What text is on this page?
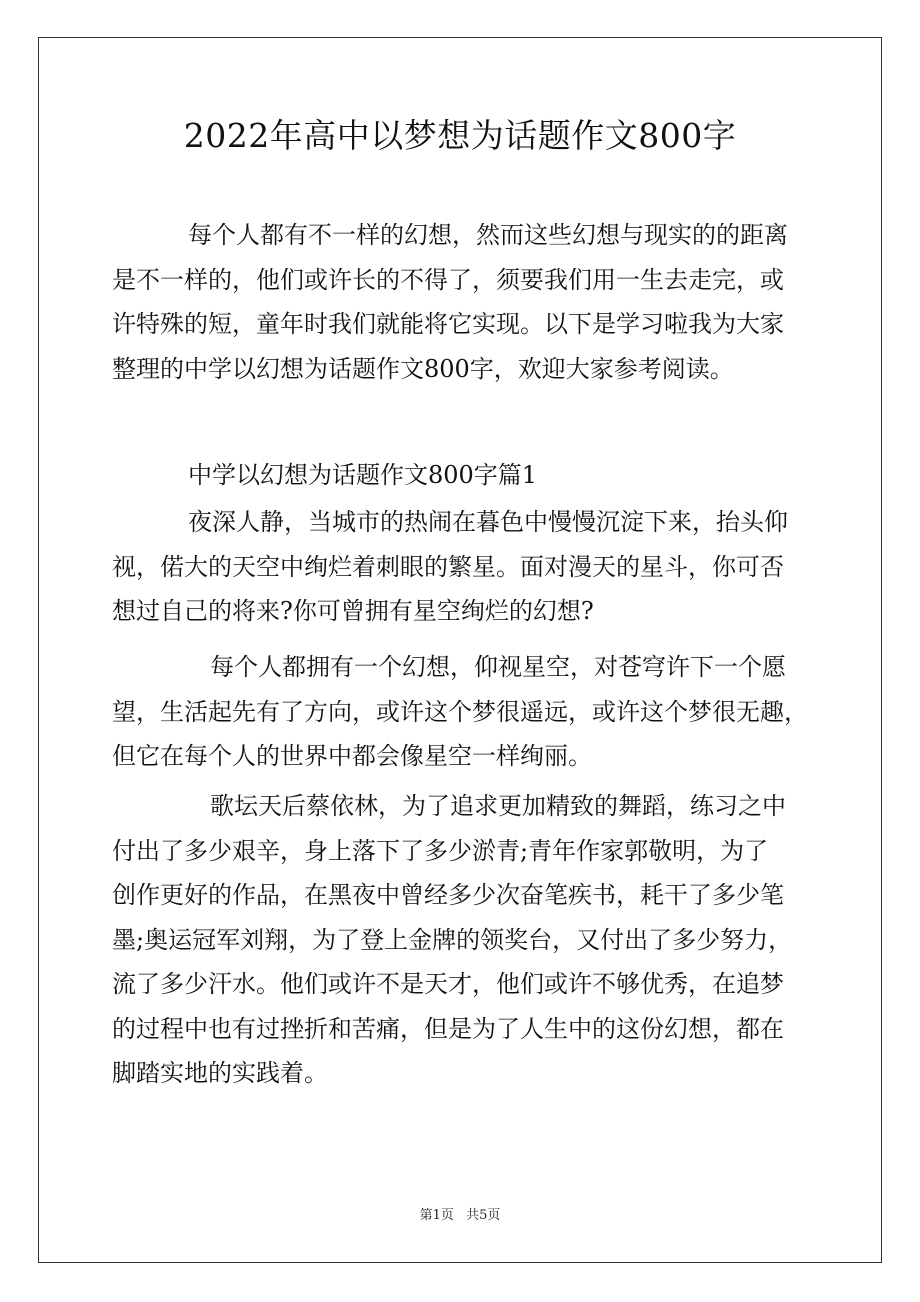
2022年高中以梦想为话题作文800字
每个人都有不一样的幻想，然而这些幻想与现实的的距离
是不一样的，他们或许长的不得了，须要我们用一生去走完，或
许特殊的短，童年时我们就能将它实现。以下是学习啦我为大家
整理的中学以幻想为话题作文800字，欢迎大家参考阅读。
中学以幻想为话题作文800字篇1
夜深人静，当城市的热闹在暮色中慢慢沉淀下来，抬头仰
视，偌大的天空中绚烂着刺眼的繁星。面对漫天的星斗，你可否
想过自己的将来?你可曾拥有星空绚烂的幻想?
每个人都拥有一个幻想，仰视星空，对苍穹许下一个愿
望，生活起先有了方向，或许这个梦很遥远，或许这个梦很无趣，
但它在每个人的世界中都会像星空一样绚丽。
歌坛天后蔡依林，为了追求更加精致的舞蹈，练习之中
付出了多少艰辛，身上落下了多少淤青;青年作家郭敬明，为了
创作更好的作品，在黑夜中曾经多少次奋笔疾书，耗干了多少笔
墨;奥运冠军刘翔，为了登上金牌的领奖台，又付出了多少努力，
流了多少汗水。他们或许不是天才，他们或许不够优秀，在追梦
的过程中也有过挫折和苦痛，但是为了人生中的这份幻想，都在
脚踏实地的实践着。
第1页 共5页
